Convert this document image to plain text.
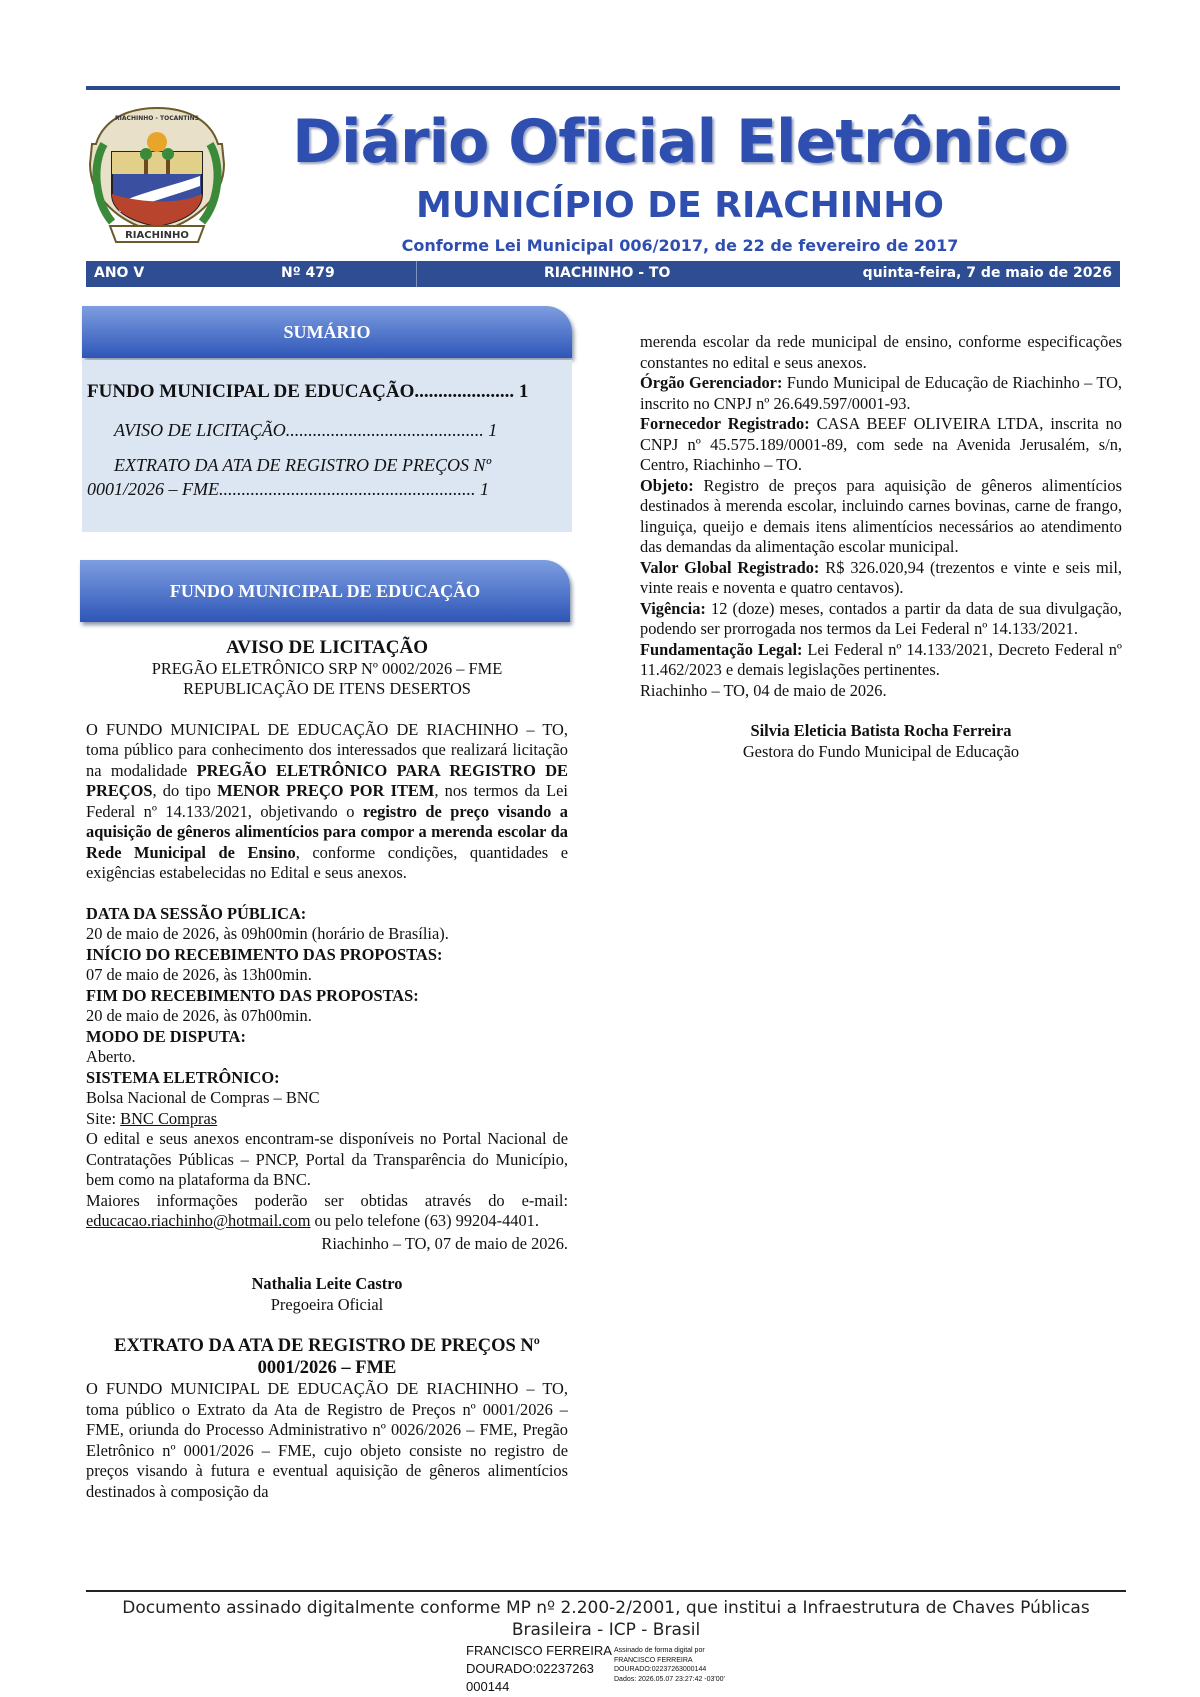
RIACHINHO
RIACHINHO - TOCANTINS	Diário Oficial Eletrônico
MUNICÍPIO DE RIACHINHO
Conforme Lei Municipal 006/2017, de 22 de fevereiro de 2017
ANO V	Nº 479	RIACHINHO - TO	quinta-feira, 7 de maio de 2026
SUMÁRIO
FUNDO MUNICIPAL DE EDUCAÇÃO..................... 1
AVISO DE LICITAÇÃO............................................ 1
EXTRATO DA ATA DE REGISTRO DE PREÇOS Nº
0001/2026 – FME......................................................... 1
FUNDO MUNICIPAL DE EDUCAÇÃO
AVISO DE LICITAÇÃO
PREGÃO ELETRÔNICO SRP Nº 0002/2026 – FME
REPUBLICAÇÃO DE ITENS DESERTOS

O FUNDO MUNICIPAL DE EDUCAÇÃO DE RIACHINHO – TO, toma público para conhecimento dos interessados que realizará licitação na modalidade PREGÃO ELETRÔNICO PARA REGISTRO DE PREÇOS, do tipo MENOR PREÇO POR ITEM, nos termos da Lei Federal nº 14.133/2021, objetivando o registro de preço visando a aquisição de gêneros alimentícios para compor a merenda escolar da Rede Municipal de Ensino, conforme condições, quantidades e exigências estabelecidas no Edital e seus anexos.

DATA DA SESSÃO PÚBLICA:
20 de maio de 2026, às 09h00min (horário de Brasília).
INÍCIO DO RECEBIMENTO DAS PROPOSTAS:
07 de maio de 2026, às 13h00min.
FIM DO RECEBIMENTO DAS PROPOSTAS:
20 de maio de 2026, às 07h00min.
MODO DE DISPUTA:
Aberto.
SISTEMA ELETRÔNICO:
Bolsa Nacional de Compras – BNC
Site: BNC Compras

O edital e seus anexos encontram-se disponíveis no Portal Nacional de Contratações Públicas – PNCP, Portal da Transparência do Município, bem como na plataforma da BNC.

Maiores informações poderão ser obtidas através do e-mail: educacao.riachinho@hotmail.com ou pelo telefone (63) 99204-4401.

Riachinho – TO, 07 de maio de 2026.
Nathalia Leite Castro
Pregoeira Oficial
EXTRATO DA ATA DE REGISTRO DE PREÇOS Nº 0001/2026 – FME

O FUNDO MUNICIPAL DE EDUCAÇÃO DE RIACHINHO – TO, toma público o Extrato da Ata de Registro de Preços nº 0001/2026 – FME, oriunda do Processo Administrativo nº 0026/2026 – FME, Pregão Eletrônico nº 0001/2026 – FME, cujo objeto consiste no registro de preços visando à futura e eventual aquisição de gêneros alimentícios destinados à composição da

merenda escolar da rede municipal de ensino, conforme especificações constantes no edital e seus anexos.

Órgão Gerenciador: Fundo Municipal de Educação de Riachinho – TO, inscrito no CNPJ nº 26.649.597/0001-93.

Fornecedor Registrado: CASA BEEF OLIVEIRA LTDA, inscrita no CNPJ nº 45.575.189/0001-89, com sede na Avenida Jerusalém, s/n, Centro, Riachinho – TO.

Objeto: Registro de preços para aquisição de gêneros alimentícios destinados à merenda escolar, incluindo carnes bovinas, carne de frango, linguiça, queijo e demais itens alimentícios necessários ao atendimento das demandas da alimentação escolar municipal.

Valor Global Registrado: R$ 326.020,94 (trezentos e vinte e seis mil, vinte reais e noventa e quatro centavos).

Vigência: 12 (doze) meses, contados a partir da data de sua divulgação, podendo ser prorrogada nos termos da Lei Federal nº 14.133/2021.

Fundamentação Legal: Lei Federal nº 14.133/2021, Decreto Federal nº 11.462/2023 e demais legislações pertinentes.

Riachinho – TO, 04 de maio de 2026.
Silvia Eleticia Batista Rocha Ferreira
Gestora do Fundo Municipal de Educação
Documento assinado digitalmente conforme MP nº 2.200-2/2001, que institui a Infraestrutura de Chaves Públicas
Brasileira - ICP - Brasil
FRANCISCO FERREIRA
DOURADO:02237263
000144
Assinado de forma digital por
FRANCISCO FERREIRA
DOURADO:02237263000144
Dados: 2026.05.07 23:27:42 -03'00'
